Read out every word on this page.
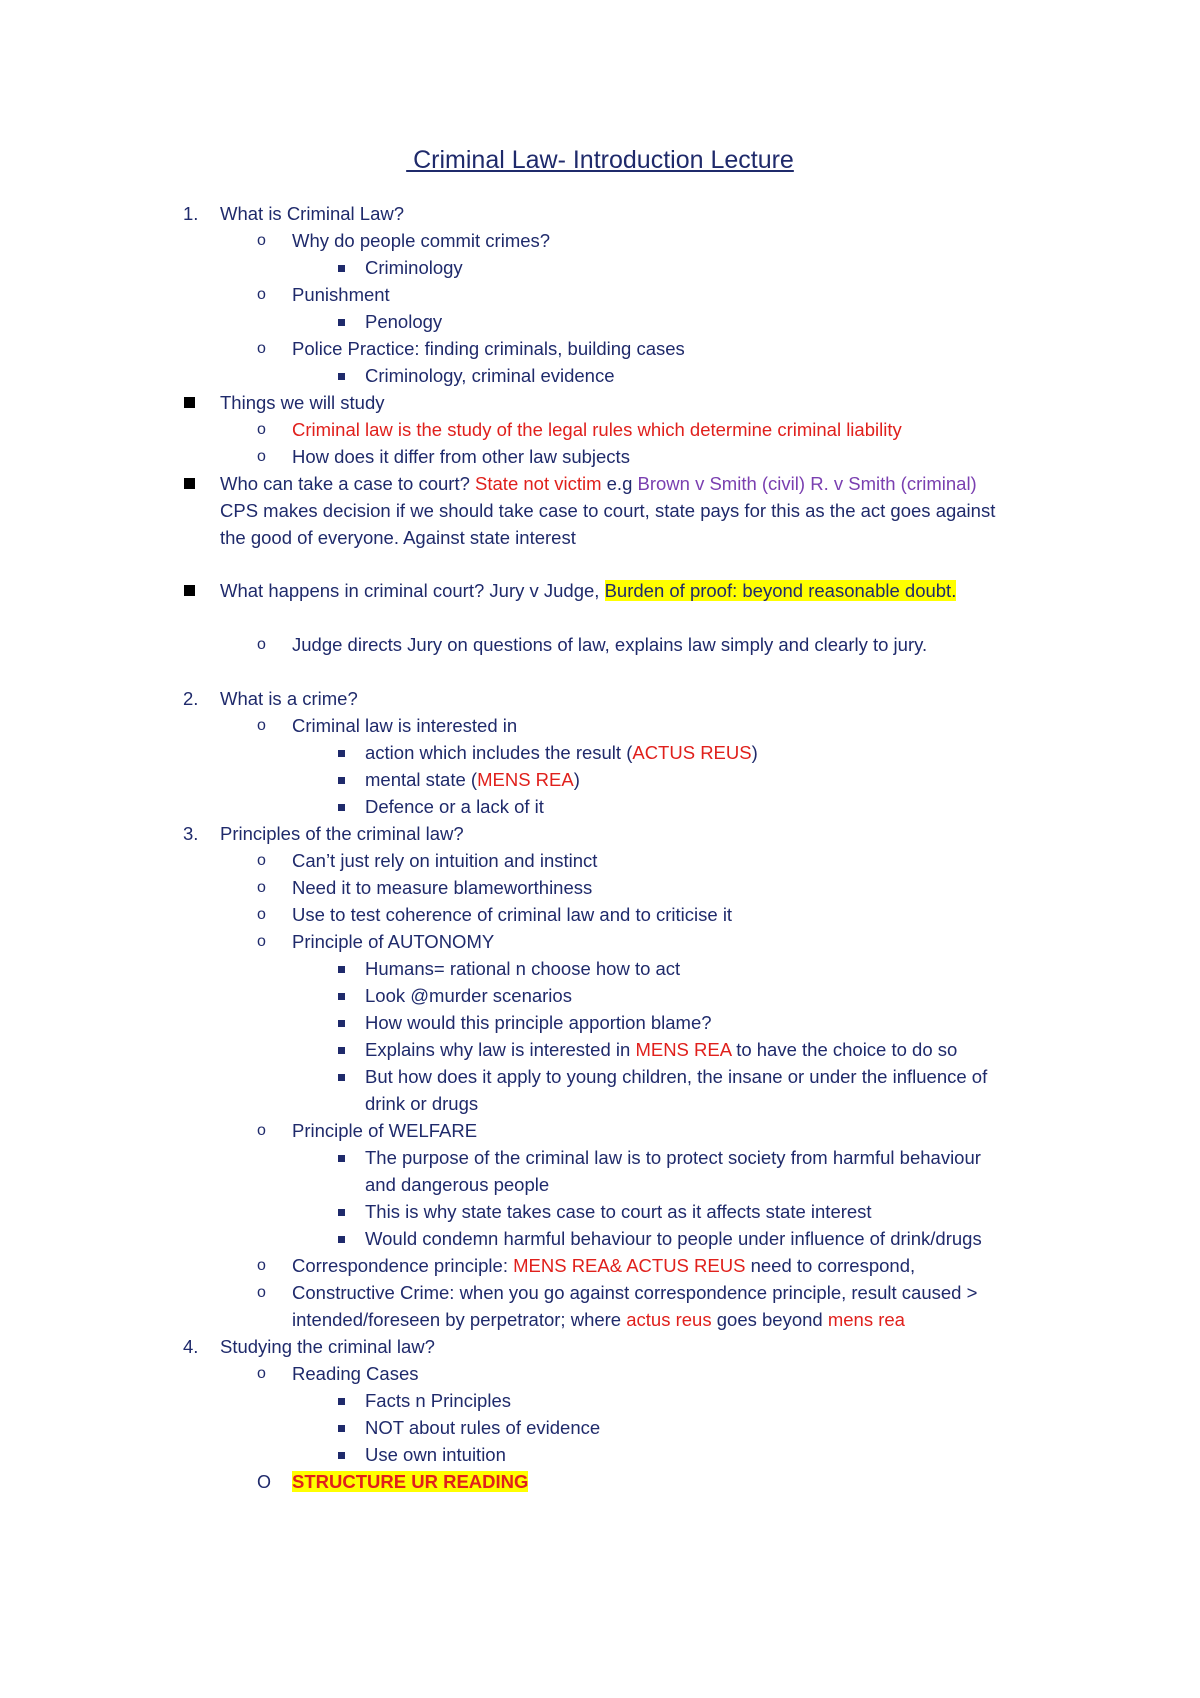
Criminal Law- Introduction Lecture
1. What is Criminal Law?
o Why do people commit crimes?
Criminology
o Punishment
Penology
o Police Practice: finding criminals, building cases
Criminology, criminal evidence
Things we will study
o Criminal law is the study of the legal rules which determine criminal liability
o How does it differ from other law subjects
Who can take a case to court? State not victim e.g Brown v Smith (civil) R. v Smith (criminal)
CPS makes decision if we should take case to court, state pays for this as the act goes against
the good of everyone. Against state interest
What happens in criminal court? Jury v Judge, Burden of proof: beyond reasonable doubt.
o Judge directs Jury on questions of law, explains law simply and clearly to jury.
2. What is a crime?
o Criminal law is interested in
action which includes the result (ACTUS REUS)
mental state (MENS REA)
Defence or a lack of it
3. Principles of the criminal law?
o Can’t just rely on intuition and instinct
o Need it to measure blameworthiness
o Use to test coherence of criminal law and to criticise it
o Principle of AUTONOMY
Humans= rational n choose how to act
Look @murder scenarios
How would this principle apportion blame?
Explains why law is interested in MENS REA to have the choice to do so
But how does it apply to young children, the insane or under the influence of
drink or drugs
o Principle of WELFARE
The purpose of the criminal law is to protect society from harmful behaviour
and dangerous people
This is why state takes case to court as it affects state interest
Would condemn harmful behaviour to people under influence of drink/drugs
o Correspondence principle: MENS REA& ACTUS REUS need to correspond,
o Constructive Crime: when you go against correspondence principle, result caused >
intended/foreseen by perpetrator; where actus reus goes beyond mens rea
4. Studying the criminal law?
o Reading Cases
Facts n Principles
NOT about rules of evidence
Use own intuition
O STRUCTURE UR READING
